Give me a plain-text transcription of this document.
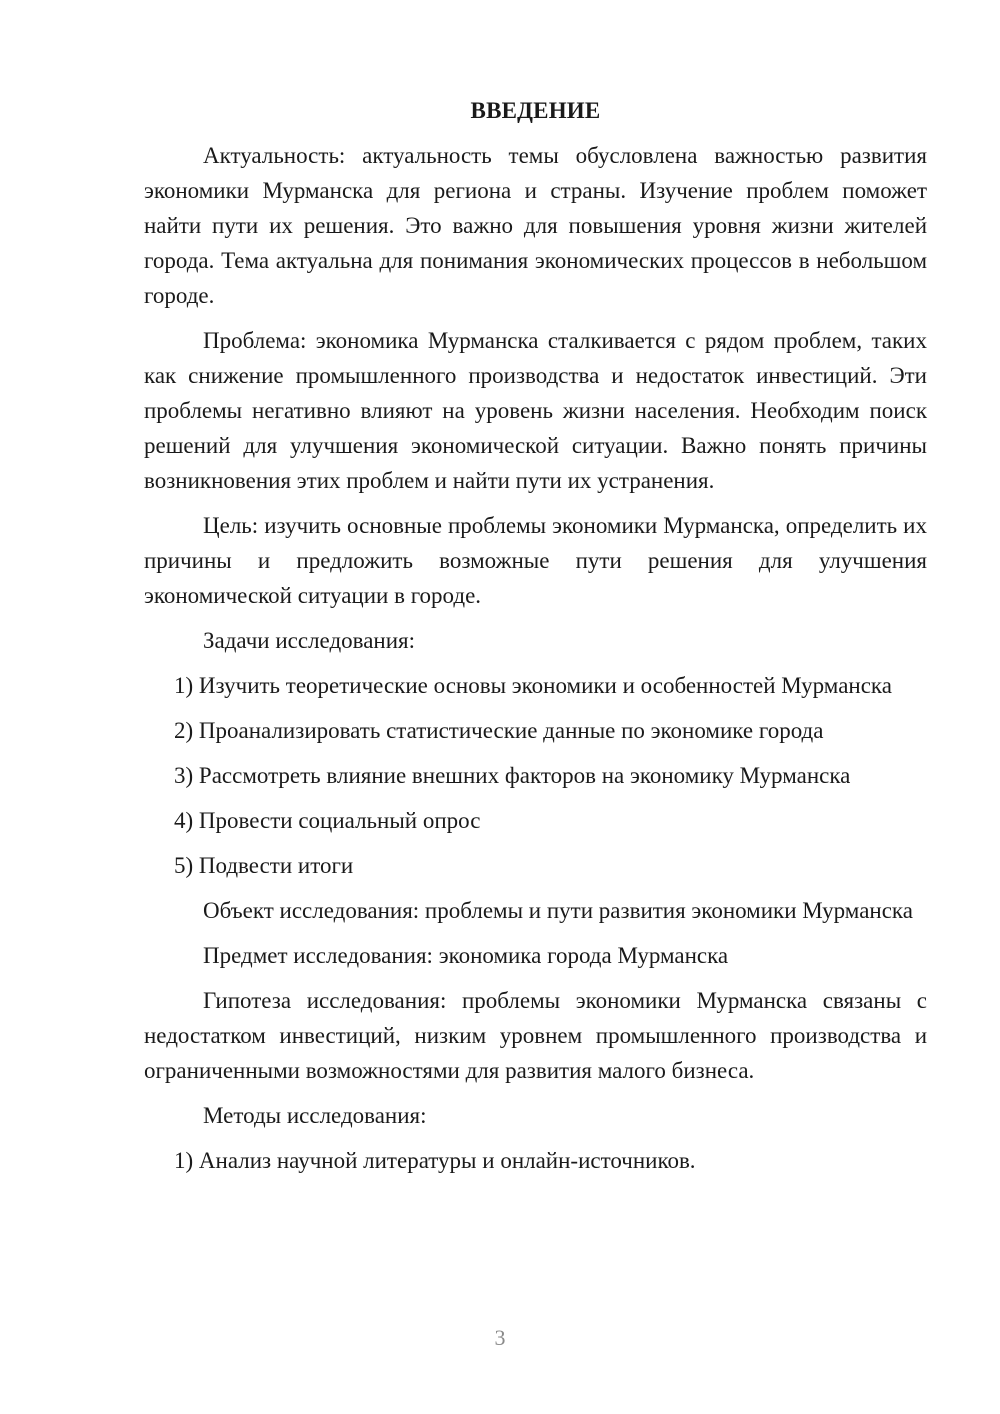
ВВЕДЕНИЕ

Актуальность: актуальность темы обусловлена важностью развития экономики Мурманска для региона и страны. Изучение проблем поможет найти пути их решения. Это важно для повышения уровня жизни жителей города. Тема актуальна для понимания экономических процессов в небольшом городе.

Проблема: экономика Мурманска сталкивается с рядом проблем, таких как снижение промышленного производства и недостаток инвестиций. Эти проблемы негативно влияют на уровень жизни населения. Необходим поиск решений для улучшения экономической ситуации. Важно понять причины возникновения этих проблем и найти пути их устранения.

Цель: изучить основные проблемы экономики Мурманска, определить их причины и предложить возможные пути решения для улучшения экономической ситуации в городе.

Задачи исследования:

1) Изучить теоретические основы экономики и особенностей Мурманска

2) Проанализировать статистические данные по экономике города

3) Рассмотреть влияние внешних факторов на экономику Мурманска

4) Провести социальный опрос

5) Подвести итоги

Объект исследования: проблемы и пути развития экономики Мурманска

Предмет исследования: экономика города Мурманска

Гипотеза исследования: проблемы экономики Мурманска связаны с недостатком инвестиций, низким уровнем промышленного производства и ограниченными возможностями для развития малого бизнеса.

Методы исследования:

1) Анализ научной литературы и онлайн-источников.

3
